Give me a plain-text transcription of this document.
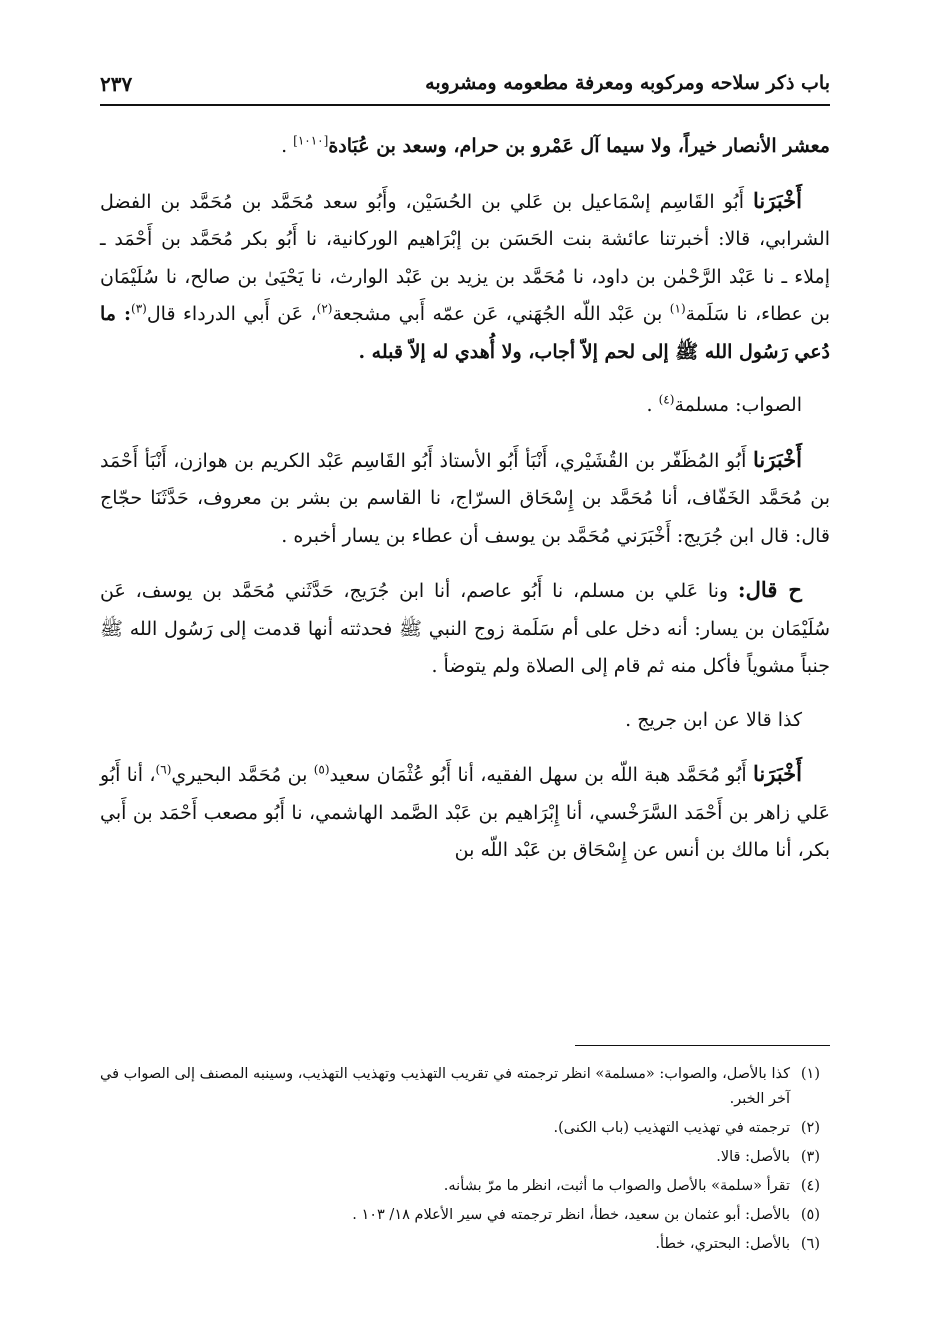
باب ذكر سلاحه ومركوبه ومعرفة مطعومه ومشروبه
٢٣٧

معشر الأنصار خيراً، ولا سيما آل عَمْرو بن حرام، وسعد بن عُبَادة[١٠١٠] .

أَخْبَرَنا أَبُو القَاسِم إسْمَاعيل بن عَلي بن الحُسَيْن، وأَبُو سعد مُحَمَّد بن مُحَمَّد بن الفضل الشرابي، قالا: أخبرتنا عائشة بنت الحَسَن بن إبْرَاهيم الوركانية، نا أَبُو بكر مُحَمَّد بن أَحْمَد ـ إملاء ـ نا عَبْد الرَّحْمٰن بن داود، نا مُحَمَّد بن يزيد بن عَبْد الوارث، نا يَحْيَىٰ بن صالح، نا سُلَيْمَان بن عطاء، نا سَلَمة$^{(١)}$ بن عَبْد اللّه الجُهَني، عَن عمّه أَبي مشجعة$^{(٢)}$، عَن أَبي الدرداء قال$^{(٣)}$: ما دُعي رَسُول الله ﷺ إلى لحم إلاّ أجاب، ولا أُهدي له إلاّ قبله .

الصواب: مسلمة$^{(٤)}$ .

أَخْبَرَنا أَبُو المُظَفّر بن القُشَيْري، أَنْبَأ أَبُو الأستاذ أَبُو القَاسِم عَبْد الكريم بن هوازن، أَنْبَأ أَحْمَد بن مُحَمَّد الخَفّاف، أنا مُحَمَّد بن إِسْحَاق السرّاج، نا القاسم بن بشر بن معروف، حَدَّثَنَا حجّاج قال: قال ابن جُرَيج: أَخْبَرَني مُحَمَّد بن يوسف أن عطاء بن يسار أخبره .

ح قال: ونا عَلي بن مسلم، نا أَبُو عاصم، أنا ابن جُرَيج، حَدَّثَني مُحَمَّد بن يوسف، عَن سُلَيْمَان بن يسار: أنه دخل على أم سَلَمة زوج النبي ﷺ فحدثته أنها قدمت إلى رَسُول الله ﷺ جنباً مشوياً فأكل منه ثم قام إلى الصلاة ولم يتوضأ .

كذا قالا عن ابن جريج .

أَخْبَرَنا أَبُو مُحَمَّد هبة اللّه بن سهل الفقيه، أنا أَبُو عُثْمَان سعيد$^{(٥)}$ بن مُحَمَّد البحيري$^{(٦)}$، أنا أَبُو عَلي زاهر بن أَحْمَد السَّرَخْسي، أنا إِبْرَاهيم بن عَبْد الصَّمد الهاشمي، نا أَبُو مصعب أَحْمَد بن أَبي بكر، أنا مالك بن أنس عن إِسْحَاق بن عَبْد اللّه بن

(١)
كذا بالأصل، والصواب: «مسلمة» انظر ترجمته في تقريب التهذيب وتهذيب التهذيب، وسينبه المصنف إلى الصواب في آخر الخبر.
(٢)
ترجمته في تهذيب التهذيب (باب الكنى).
(٣)
بالأصل: قالا.
(٤)
تقرأ «سلمة» بالأصل والصواب ما أثبت، انظر ما مرّ بشأنه.
(٥)
بالأصل: أبو عثمان بن سعيد، خطأ، انظر ترجمته في سير الأعلام ١٨/ ١٠٣ .
(٦)
بالأصل: البحتري، خطأ.
